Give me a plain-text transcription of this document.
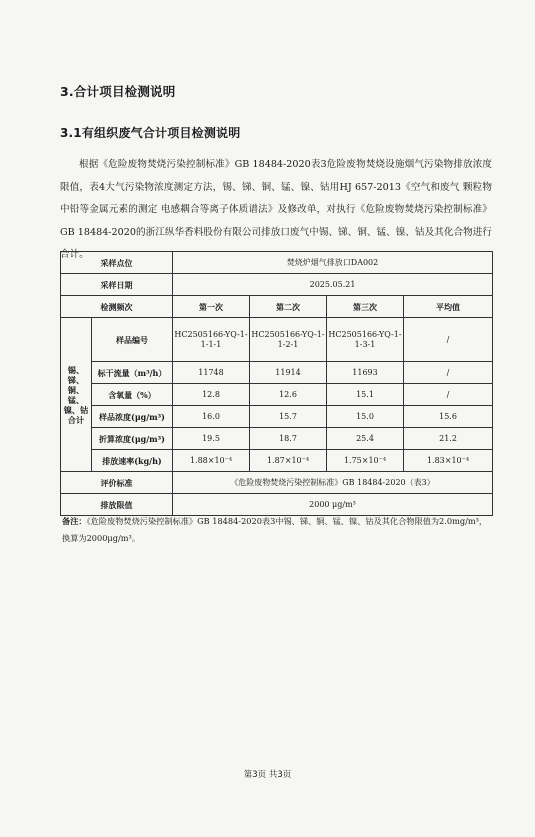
3.合计项目检测说明
3.1有组织废气合计项目检测说明
根据《危险废物焚烧污染控制标准》GB 18484-2020表3危险废物焚烧设施烟气污染物排放浓度限值，表4大气污染物浓度测定方法，锡、锑、铜、锰、镍、钴用HJ 657-2013《空气和废气 颗粒物中铅等金属元素的测定 电感耦合等离子体质谱法》及修改单，对执行《危险废物焚烧污染控制标准》GB 18484-2020的浙江纵华香料股份有限公司排放口废气中锡、锑、铜、锰、镍、钴及其化合物进行合计。
采样点位		焚烧炉烟气排放口DA002			
采样日期		2025.05.21			
检测频次		第一次	第二次	第三次	平均值
锡、锑、铜、锰、镍、钴合计	样品编号	HC2505166-YQ-1-1-1-1	HC2505166-YQ-1-1-2-1	HC2505166-YQ-1-1-3-1	/
	标干流量（m³/h）	11748	11914	11693	/
	含氧量（%）	12.8	12.6	15.1	/
	样品浓度(μg/m³)	16.0	15.7	15.0	15.6
	折算浓度(μg/m³)	19.5	18.7	25.4	21.2
	排放速率(kg/h)	1.88×10⁻⁴	1.87×10⁻⁴	1.75×10⁻⁴	1.83×10⁻⁴
评价标准		《危险废物焚烧污染控制标准》GB 18484-2020（表3）			
排放限值		2000 μg/m³			
备注：《危险废物焚烧污染控制标准》GB 18484-2020表3中锡、锑、铜、锰、镍、钴及其化合物限值为2.0mg/m³，换算为2000μg/m³。
第3页 共3页
